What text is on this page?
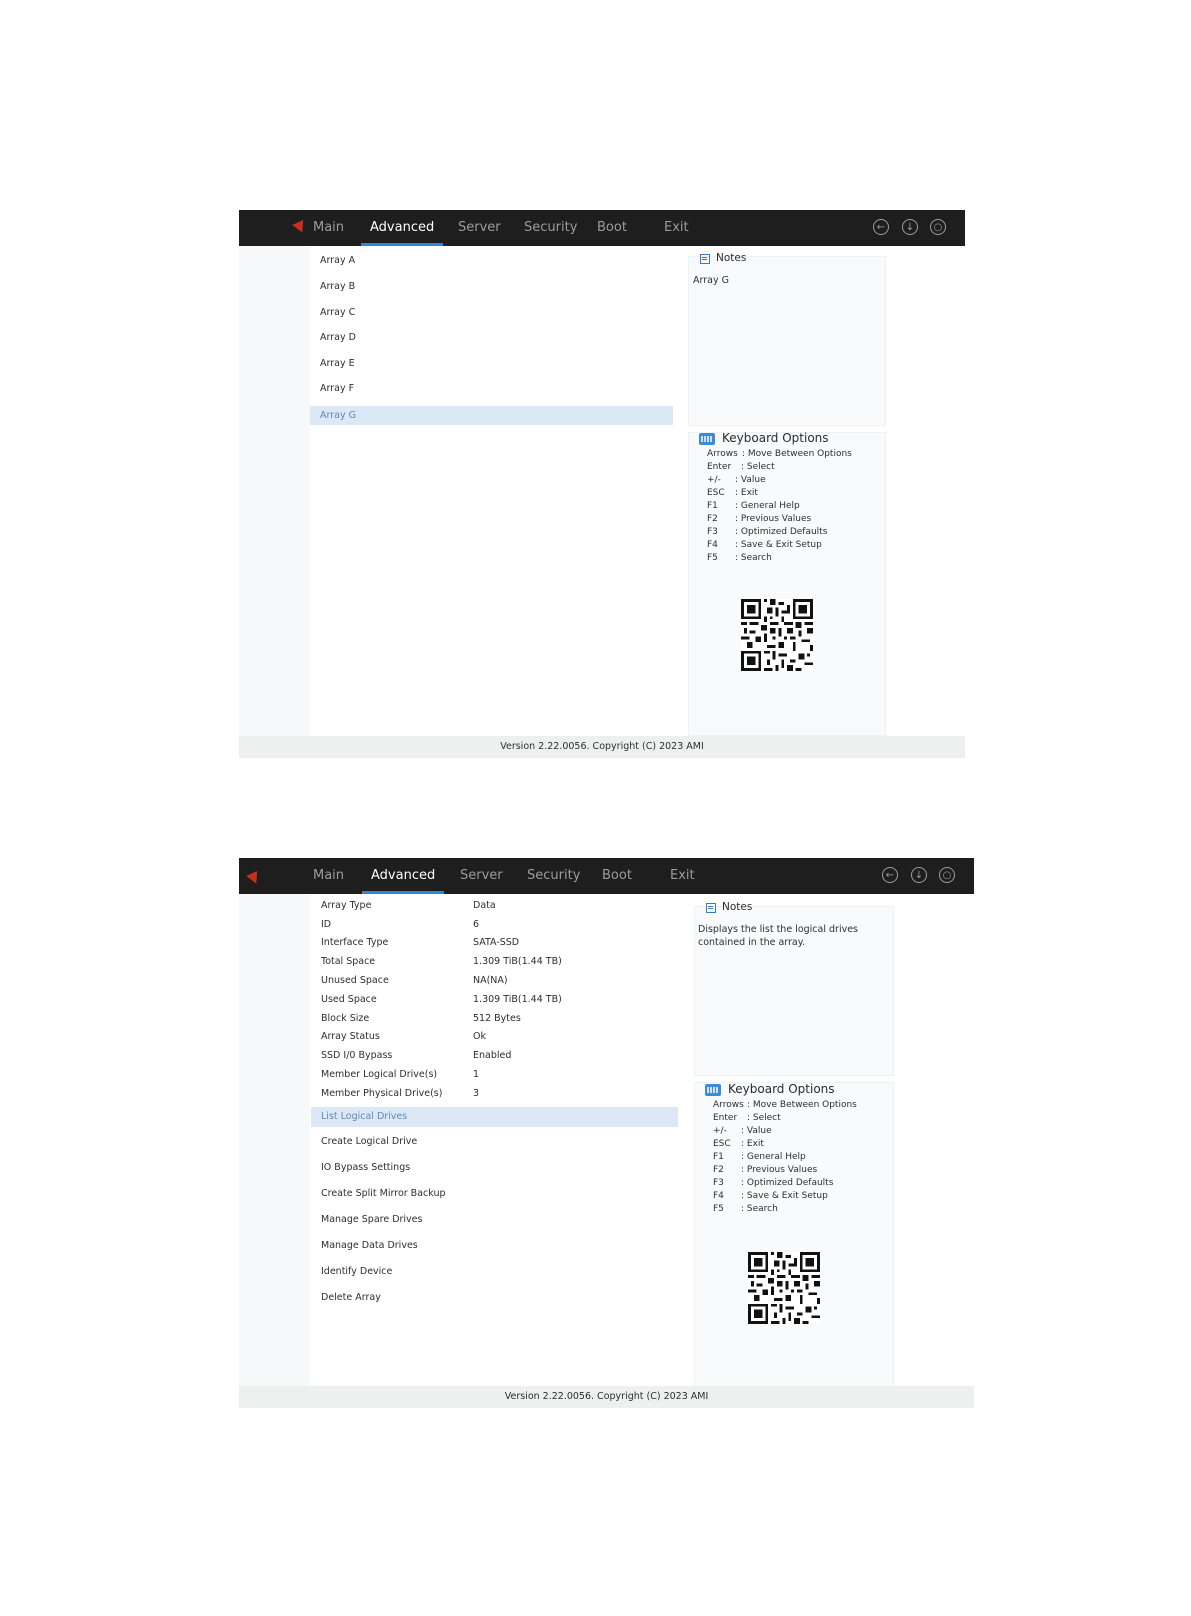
Main Advanced Server Security Boot	Exit	←	↓	○
Array A
Array B
Array C
Array D
Array E
Array F
Array G
Notes
Array G
Keyboard Options
Arrows : Move Between Options
Enter : Select
+/- : Value
ESC : Exit
F1 : General Help
F2 : Previous Values
F3 : Optimized Defaults
F4 : Save & Exit Setup
F5 : Search
Version 2.22.0056. Copyright (C) 2023 AMI
Main Advanced Server Security Boot	Exit	←	↓	○
Array Type	Data
ID	6
Interface Type	SATA-SSD
Total Space	1.309 TiB(1.44 TB)
Unused Space	NA(NA)
Used Space	1.309 TiB(1.44 TB)
Block Size	512 Bytes
Array Status	Ok
SSD I/0 Bypass	Enabled
Member Logical Drive(s)	1
Member Physical Drive(s)	3
List Logical Drives
Create Logical Drive
IO Bypass Settings
Create Split Mirror Backup
Manage Spare Drives
Manage Data Drives
Identify Device
Delete Array
Notes
Displays the list the logical drives contained in the array.
Keyboard Options
Arrows : Move Between Options
Enter : Select
+/- : Value
ESC : Exit
F1 : General Help
F2 : Previous Values
F3 : Optimized Defaults
F4 : Save & Exit Setup
F5 : Search
Version 2.22.0056. Copyright (C) 2023 AMI
